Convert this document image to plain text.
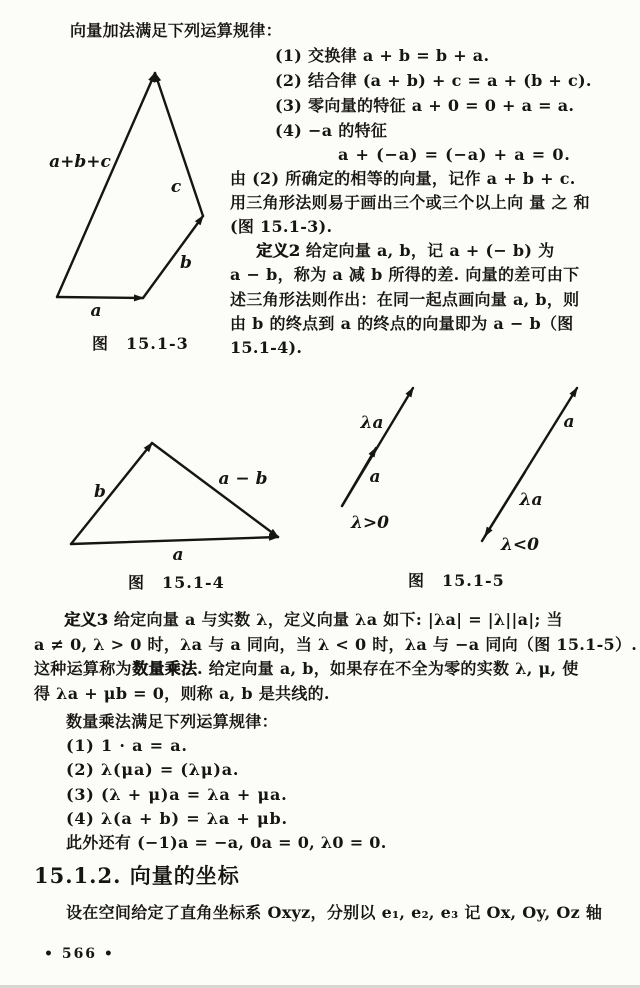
向量加法满足下列运算规律：
(1) 交换律 a + b = b + a.
(2) 结合律 (a + b) + c = a + (b + c).
(3) 零向量的特征 a + 0 = 0 + a = a.
(4) −a 的特征
a + (−a) = (−a) + a = 0.
由 (2) 所确定的相等的向量，记作 a + b + c.
用三角形法则易于画出三个或三个以上向 量 之 和
(图 15.1-3).
定义2 给定向量 a, b，记 a + (− b) 为
a − b，称为 a 减 b 所得的差. 向量的差可由下
述三角形法则作出：在同一起点画向量 a, b，则
由 b 的终点到 a 的终点的向量即为 a − b（图
15.1-4).
a+b+c
c
b
a
图　15.1-3
b
a − b
a
图　15.1-4
λa
a
λ>0
a
λa
λ<0
图　15.1-5
定义3 给定向量 a 与实数 λ，定义向量 λa 如下: |λa| = |λ||a|; 当
a ≠ 0, λ > 0 时，λa 与 a 同向，当 λ < 0 时，λa 与 −a 同向（图 15.1-5）.
这种运算称为数量乘法. 给定向量 a, b，如果存在不全为零的实数 λ, μ, 使
得 λa + μb = 0，则称 a, b 是共线的.
数量乘法满足下列运算规律：
(1) 1 · a = a.
(2) λ(μa) = (λμ)a.
(3) (λ + μ)a = λa + μa.
(4) λ(a + b) = λa + μb.
此外还有 (−1)a = −a, 0a = 0, λ0 = 0.
15.1.2. 向量的坐标
设在空间给定了直角坐标系 Oxyz，分别以 e₁, e₂, e₃ 记 Ox, Oy, Oz 轴
• 566 •
